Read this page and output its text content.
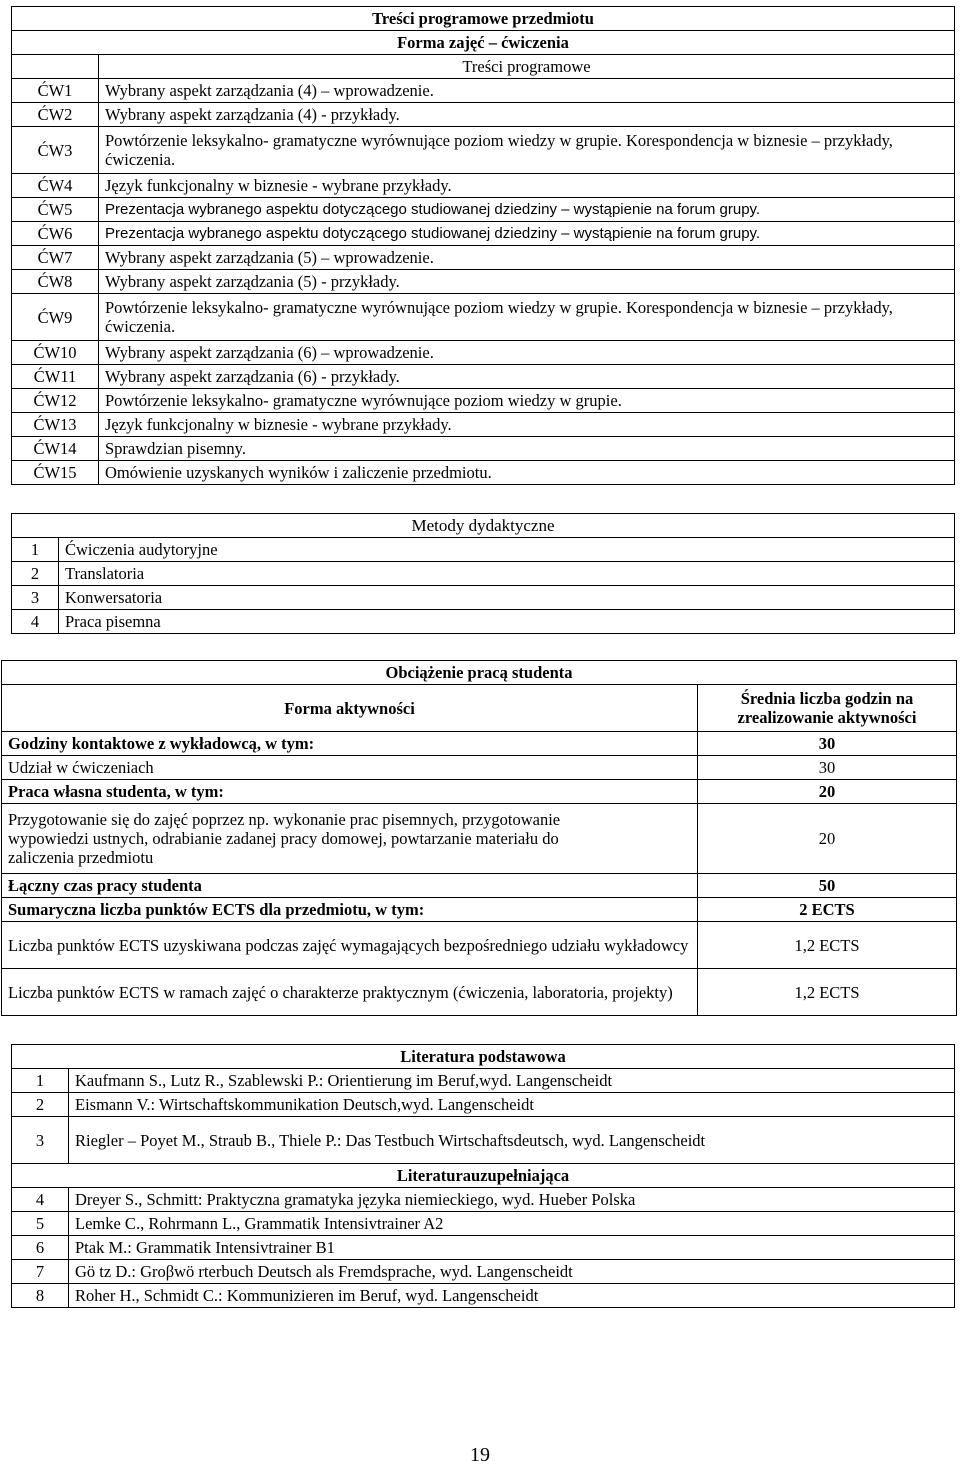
Treści programowe przedmiotu	
Forma zajęć – ćwiczenia	
	Treści programowe
ĆW1	Wybrany aspekt zarządzania (4) – wprowadzenie.
ĆW2	Wybrany aspekt zarządzania (4) - przykłady.
ĆW3	Powtórzenie leksykalno- gramatyczne wyrównujące poziom wiedzy w grupie. Korespondencja w biznesie – przykłady, ćwiczenia.
ĆW4	Język funkcjonalny w biznesie - wybrane przykłady.
ĆW5	Prezentacja wybranego aspektu dotyczącego studiowanej dziedziny – wystąpienie na forum grupy.
ĆW6	Prezentacja wybranego aspektu dotyczącego studiowanej dziedziny – wystąpienie na forum grupy.
ĆW7	Wybrany aspekt zarządzania (5) – wprowadzenie.
ĆW8	Wybrany aspekt zarządzania (5) - przykłady.
ĆW9	Powtórzenie leksykalno- gramatyczne wyrównujące poziom wiedzy w grupie. Korespondencja w biznesie – przykłady, ćwiczenia.
ĆW10	Wybrany aspekt zarządzania (6) – wprowadzenie.
ĆW11	Wybrany aspekt zarządzania (6) - przykłady.
ĆW12	Powtórzenie leksykalno- gramatyczne wyrównujące poziom wiedzy w grupie.
ĆW13	Język funkcjonalny w biznesie - wybrane przykłady.
ĆW14	Sprawdzian pisemny.
ĆW15	Omówienie uzyskanych wyników i zaliczenie przedmiotu.
Metody dydaktyczne	
1	Ćwiczenia audytoryjne
2	Translatoria
3	Konwersatoria
4	Praca pisemna
Obciążenie pracą studenta	
Forma aktywności	Średnia liczba godzin na zrealizowanie aktywności
Godziny kontaktowe z wykładowcą, w tym:	30
Udział w ćwiczeniach	30
Praca własna studenta, w tym:	20
Przygotowanie się do zajęć poprzez np. wykonanie prac pisemnych, przygotowanie wypowiedzi ustnych, odrabianie zadanej pracy domowej, powtarzanie materiału do zaliczenia przedmiotu	20
Łączny czas pracy studenta	50
Sumaryczna liczba punktów ECTS dla przedmiotu, w tym:	2 ECTS
Liczba punktów ECTS uzyskiwana podczas zajęć wymagających bezpośredniego udziału wykładowcy	1,2 ECTS
Liczba punktów ECTS w ramach zajęć o charakterze praktycznym (ćwiczenia, laboratoria, projekty)	1,2 ECTS
Literatura podstawowa	
1	Kaufmann S., Lutz R., Szablewski P.: Orientierung im Beruf,wyd. Langenscheidt
2	Eismann V.: Wirtschaftskommunikation Deutsch,wyd. Langenscheidt
3	Riegler – Poyet M., Straub B., Thiele P.: Das Testbuch Wirtschaftsdeutsch, wyd. Langenscheidt
Literaturauzupełniająca	
4	Dreyer S., Schmitt: Praktyczna gramatyka języka niemieckiego, wyd. Hueber Polska
5	Lemke C., Rohrmann L., Grammatik Intensivtrainer A2
6	Ptak M.: Grammatik Intensivtrainer B1
7	Gö tz D.: Groβwö rterbuch Deutsch als Fremdsprache, wyd. Langenscheidt
8	Roher H., Schmidt C.: Kommunizieren im Beruf, wyd. Langenscheidt
19
